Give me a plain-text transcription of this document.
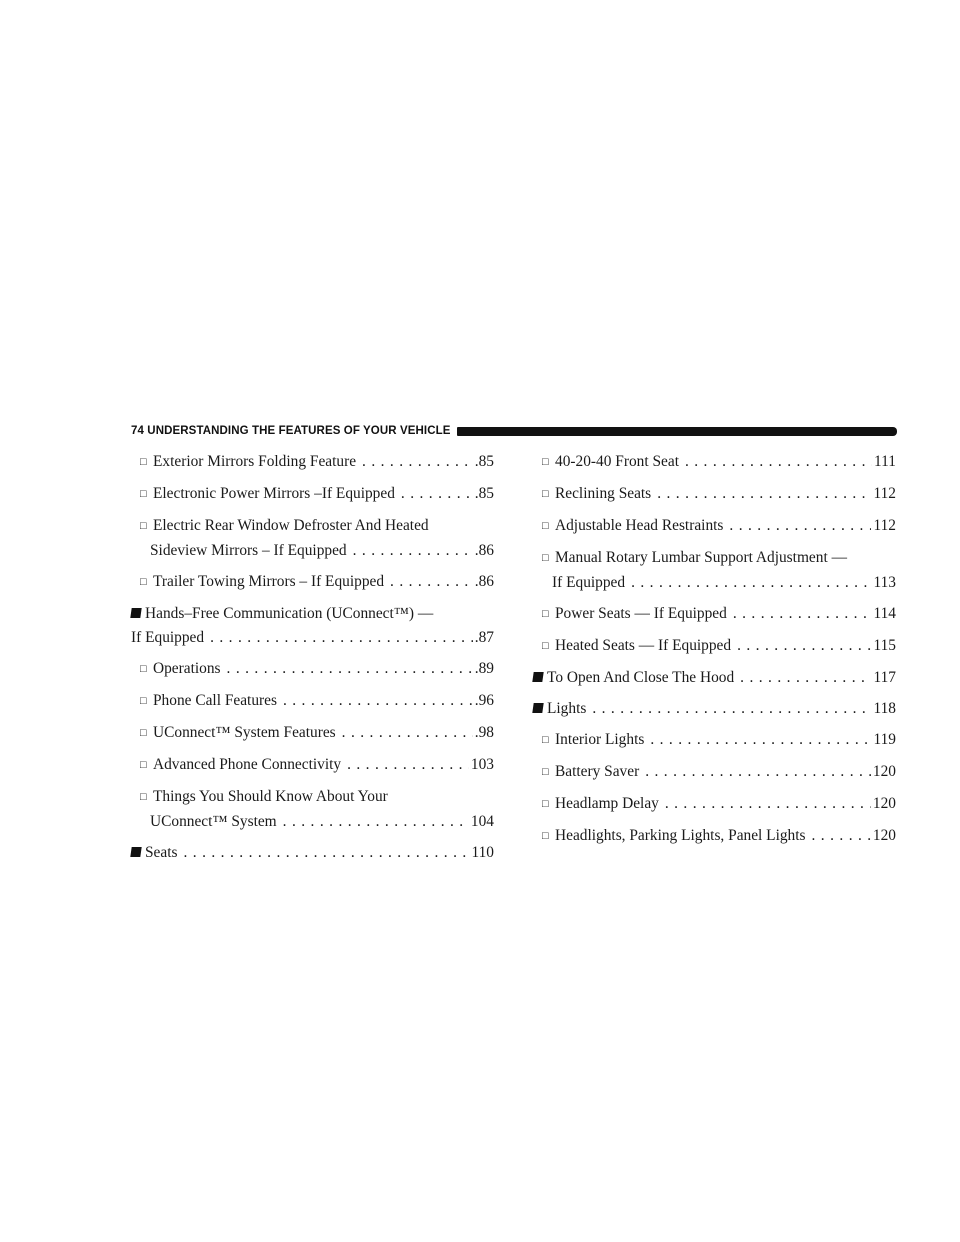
74 UNDERSTANDING THE FEATURES OF YOUR VEHICLE
□ Exterior Mirrors Folding Feature . . .	.85
□ Electronic Power Mirrors –If Equipped . . .	.85
□ Electric Rear Window Defroster And Heated
Sideview Mirrors – If Equipped . . .	.86
□ Trailer Towing Mirrors – If Equipped . . .	.86
Hands–Free Communication (UConnect™) —
If Equipped . . .	.87
□ Operations . . .	.89
□ Phone Call Features . . .	.96
□ UConnect™ System Features . . .	.98
□ Advanced Phone Connectivity . . .	103
□ Things You Should Know About Your
UConnect™ System . . .	104
Seats . . .	110
□ 40-20-40 Front Seat . . .	111
□ Reclining Seats . . .	112
□ Adjustable Head Restraints . . .	112
□ Manual Rotary Lumbar Support Adjustment —
If Equipped . . .	113
□ Power Seats — If Equipped . . .	114
□ Heated Seats — If Equipped . . .	115
To Open And Close The Hood . . .	117
Lights . . .	118
□ Interior Lights . . .	119
□ Battery Saver . . .	120
□ Headlamp Delay . . .	120
□ Headlights, Parking Lights, Panel Lights . . .	120
